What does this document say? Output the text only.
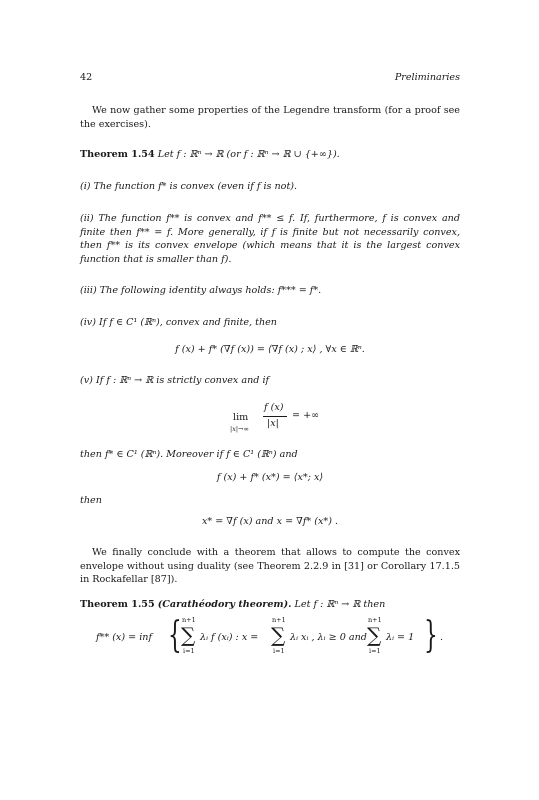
42	Preliminaries
We now gather some properties of the Legendre transform (for a proof see the exercises).
Theorem 1.54 Let f : ℝⁿ → ℝ (or f : ℝⁿ → ℝ ∪ {+∞}).
(i) The function f* is convex (even if f is not).
(ii) The function f** is convex and f** ≤ f. If, furthermore, f is convex and finite then f** = f. More generally, if f is finite but not necessarily convex, then f** is its convex envelope (which means that it is the largest convex function that is smaller than f).
(iii) The following identity always holds: f*** = f*.
(iv) If f ∈ C¹ (ℝⁿ), convex and finite, then
f (x) + f* (∇f (x)) = ⟨∇f (x) ; x⟩ , ∀x ∈ ℝⁿ.
(v) If f : ℝⁿ → ℝ is strictly convex and if
lim
|x|→∞
f (x)
|x|
= +∞
then f* ∈ C¹ (ℝⁿ). Moreover if f ∈ C¹ (ℝⁿ) and
f (x) + f* (x*) = ⟨x*; x⟩
then
x* = ∇f (x) and x = ∇f* (x*) .
We finally conclude with a theorem that allows to compute the convex envelope without using duality (see Theorem 2.2.9 in [31] or Corollary 17.1.5 in Rockafellar [87]).
Theorem 1.55 (Carathéodory theorem). Let f : ℝⁿ → ℝ then
f** (x) = inf { n+1
∑
i=1
λᵢ f (xᵢ) : x =
n+1
∑
i=1
λᵢ xᵢ , λᵢ ≥ 0 and
n+1
∑
i=1
λᵢ = 1 } .
